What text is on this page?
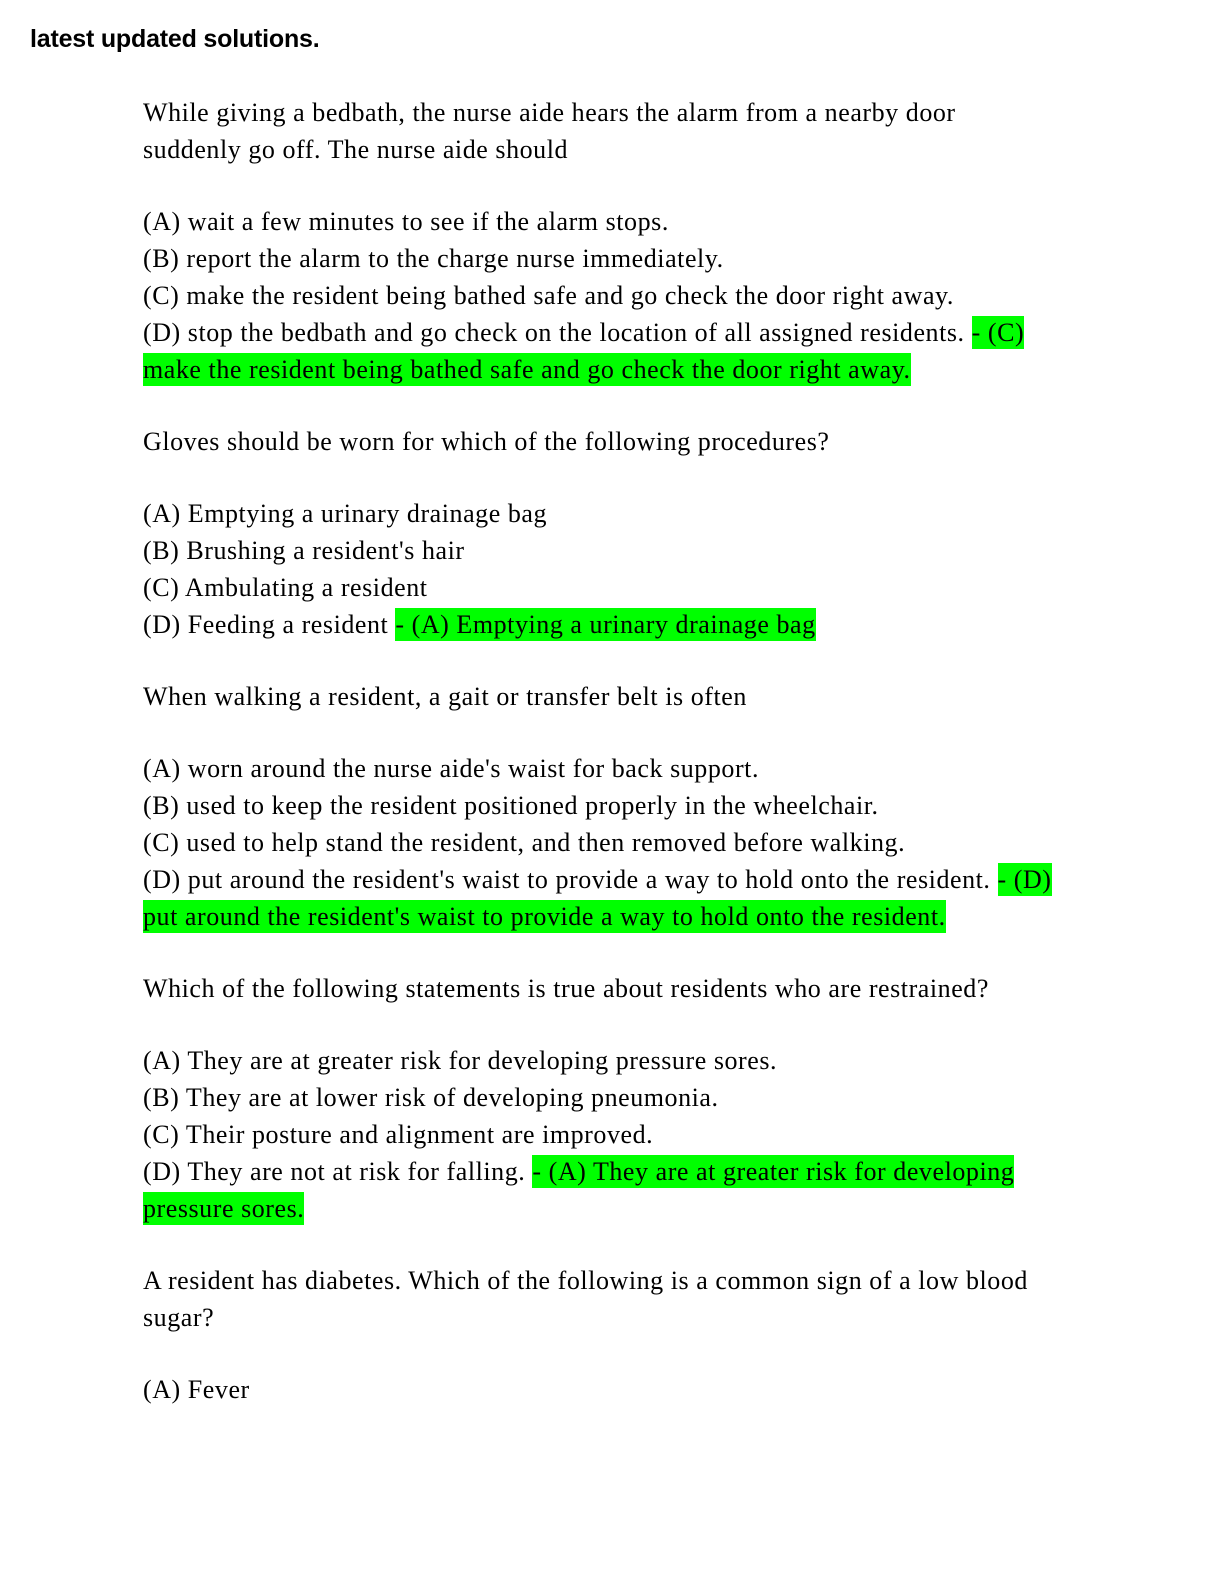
latest updated solutions.
While giving a bedbath, the nurse aide hears the alarm from a nearby door
suddenly go off. The nurse aide should
(A) wait a few minutes to see if the alarm stops.
(B) report the alarm to the charge nurse immediately.
(C) make the resident being bathed safe and go check the door right away.
(D) stop the bedbath and go check on the location of all assigned residents. - (C)
make the resident being bathed safe and go check the door right away.
Gloves should be worn for which of the following procedures?
(A) Emptying a urinary drainage bag
(B) Brushing a resident's hair
(C) Ambulating a resident
(D) Feeding a resident - (A) Emptying a urinary drainage bag
When walking a resident, a gait or transfer belt is often
(A) worn around the nurse aide's waist for back support.
(B) used to keep the resident positioned properly in the wheelchair.
(C) used to help stand the resident, and then removed before walking.
(D) put around the resident's waist to provide a way to hold onto the resident. - (D)
put around the resident's waist to provide a way to hold onto the resident.
Which of the following statements is true about residents who are restrained?
(A) They are at greater risk for developing pressure sores.
(B) They are at lower risk of developing pneumonia.
(C) Their posture and alignment are improved.
(D) They are not at risk for falling. - (A) They are at greater risk for developing
pressure sores.
A resident has diabetes. Which of the following is a common sign of a low blood
sugar?
(A) Fever
